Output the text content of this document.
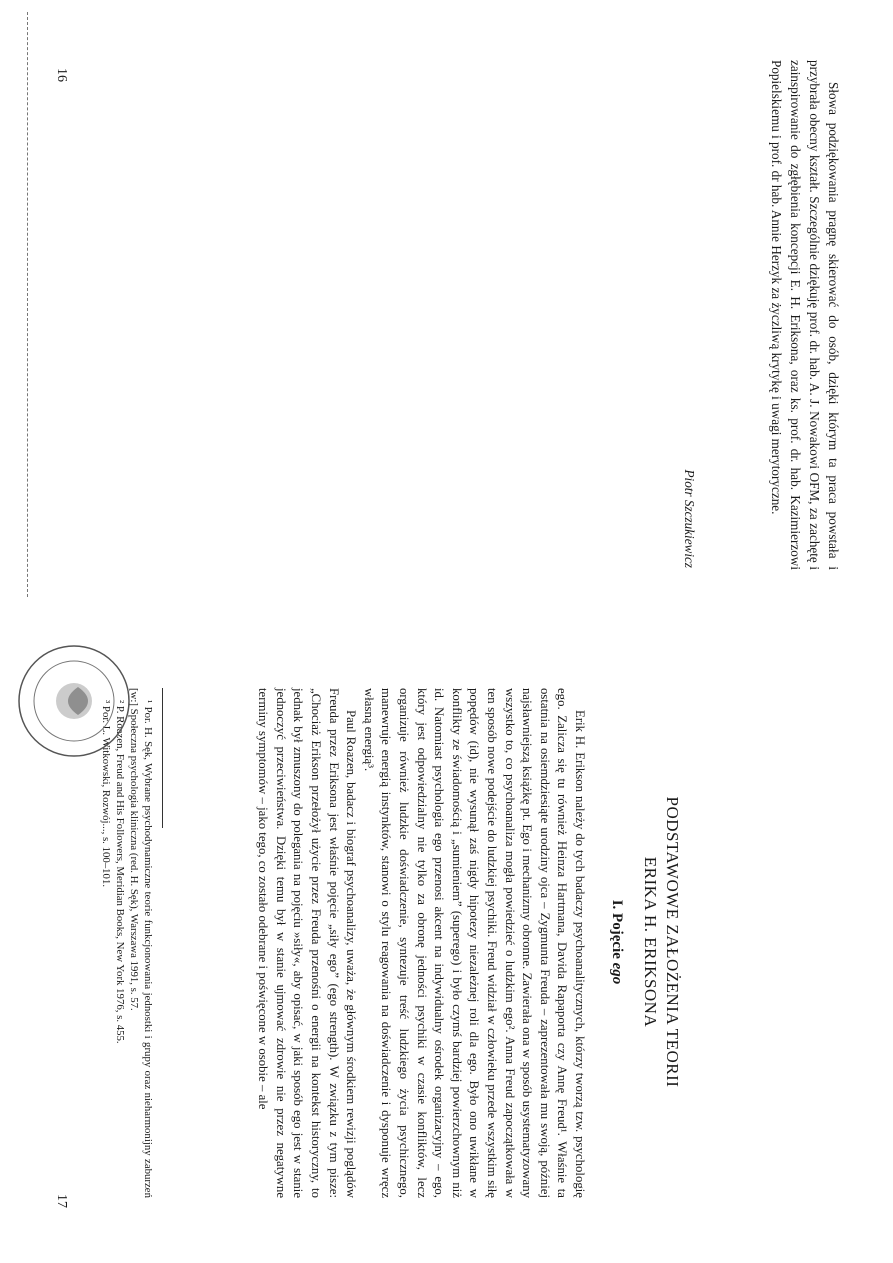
Słowa podziękowania pragnę skierować do osób, dzięki którym ta praca powstała i przybrała obecny kształt. Szczególnie dziękuję prof. dr. hab. A. J. Nowakowi OFM, za zachętę i zainspirowanie do zgłębienia koncepcji E. H. Eriksona, oraz ks. prof. dr. hab. Kazimierzowi Popielskiemu i prof. dr hab. Annie Herzyk za życzliwą krytykę i uwagi merytoryczne.

Piotr Szczukiewicz
16
PODSTAWOWE ZAŁOŻENIA TEORII
ERIKA H. ERIKSONA
I. Pojęcie ego

Erik H. Erikson należy do tych badaczy psychoanalitycznych, którzy tworzą tzw. psychologię ego. Zalicza się tu również Heinza Hartmana, Davida Rapaporta czy Annę Freud¹. Właśnie ta ostatnia na osiemdziesiąte urodziny ojca – Zygmunta Freuda – zaprezentowała mu swoją, później najsławniejszą książkę pt. Ego i mechanizmy obronne. Zawierała ona w sposób usystematyzowany wszystko to, co psychoanaliza mogła powiedzieć o ludzkim ego². Anna Freud zapoczątkowała w ten sposób nowe podejście do ludzkiej psychiki. Freud widział w człowieku przede wszystkim siłę popędów (id), nie wysunął zaś nigdy hipotezy niezależnej roli dla ego. Było ono uwikłane w konflikty ze świadomością i „sumieniem” (superego) i było czymś bardziej powierzchownym niż id. Natomiast psychologia ego przenosi akcent na indywidualny ośrodek organizacyjny – ego, który jest odpowiedzialny nie tylko za obronę jedności psychiki w czasie konfliktów, lecz organizuje również ludzkie doświadczenie, syntezuje treść ludzkiego życia psychicznego, manewruje energią instynktów, stanowi o stylu reagowania na doświadczenie i dysponuje wręcz własną energią³.

Paul Roazen, badacz i biograf psychoanalizy, uważa, że głównym środkiem rewizji poglądów Freuda przez Eriksona jest właśnie pojęcie „siły ego” (ego strength). W związku z tym pisze: „Chociaż Erikson przełożył użycie przez Freuda przenośni o energii na kontekst historyczny, to jednak był zmuszony do polegania na pojęciu »siły«, aby opisać, w jaki sposób ego jest w stanie jednoczyć przeciwieństwa. Dzięki temu był w stanie ujmować zdrowie nie przez negatywne terminy symptomów – jako tego, co zostało odebrane i poświęcone w osobie – ale

¹ Por. H. Sęk, Wybrane psychodynamiczne teorie funkcjonowania jednostki i grupy oraz nieharmonijny zaburzeń [w:] Społeczna psychologia kliniczna (red. H. Sęk), Warszawa 1991, s. 57.

² P. Roazen, Freud and His Followers, Meridian Books, New York 1976, s. 455.

³ Por. L. Witkowski, Rozwój..., s. 100–101.

17
